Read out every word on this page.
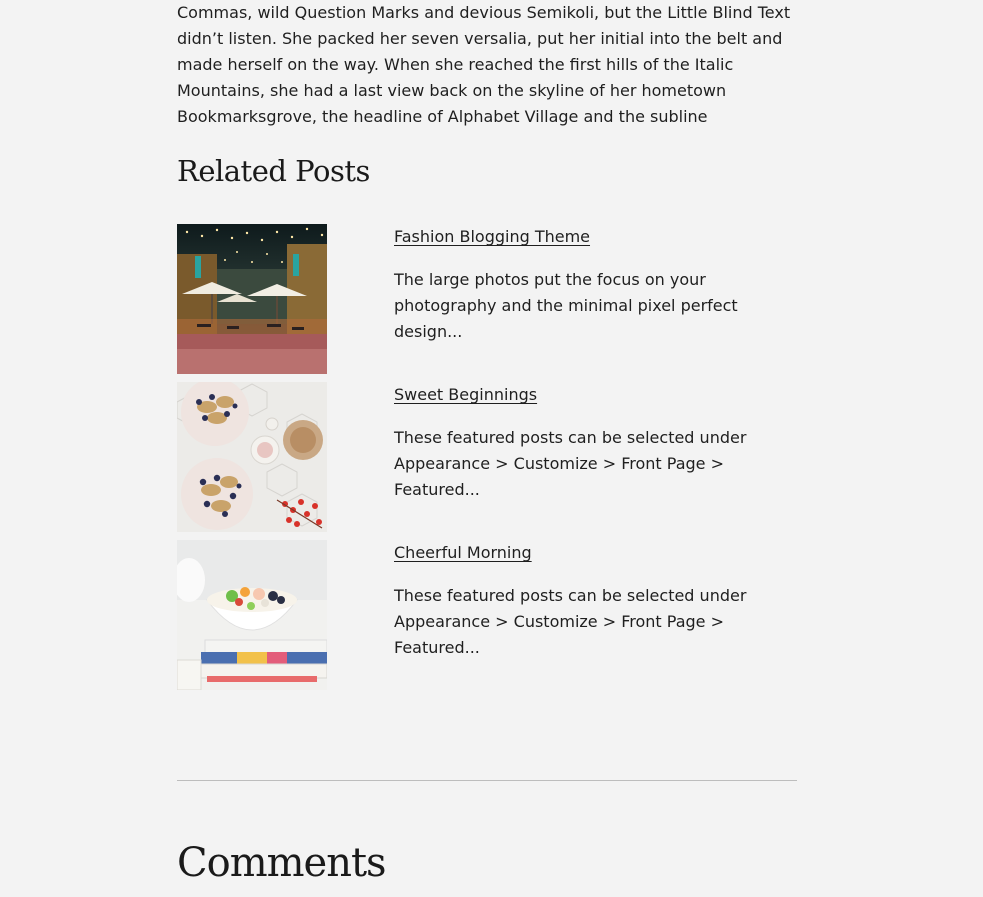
Commas, wild Question Marks and devious Semikoli, but the Little Blind Text didn’t listen. She packed her seven versalia, put her initial into the belt and made herself on the way. When she reached the first hills of the Italic Mountains, she had a last view back on the skyline of her hometown Bookmarksgrove, the headline of Alphabet Village and the subline

Related Posts
Fashion Blogging Theme

The large photos put the focus on your photography and the minimal pixel perfect design...

Sweet Beginnings

These featured posts can be selected under Appearance > Customize > Front Page > Featured...

Cheerful Morning

These featured posts can be selected under Appearance > Customize > Front Page > Featured...

Comments
